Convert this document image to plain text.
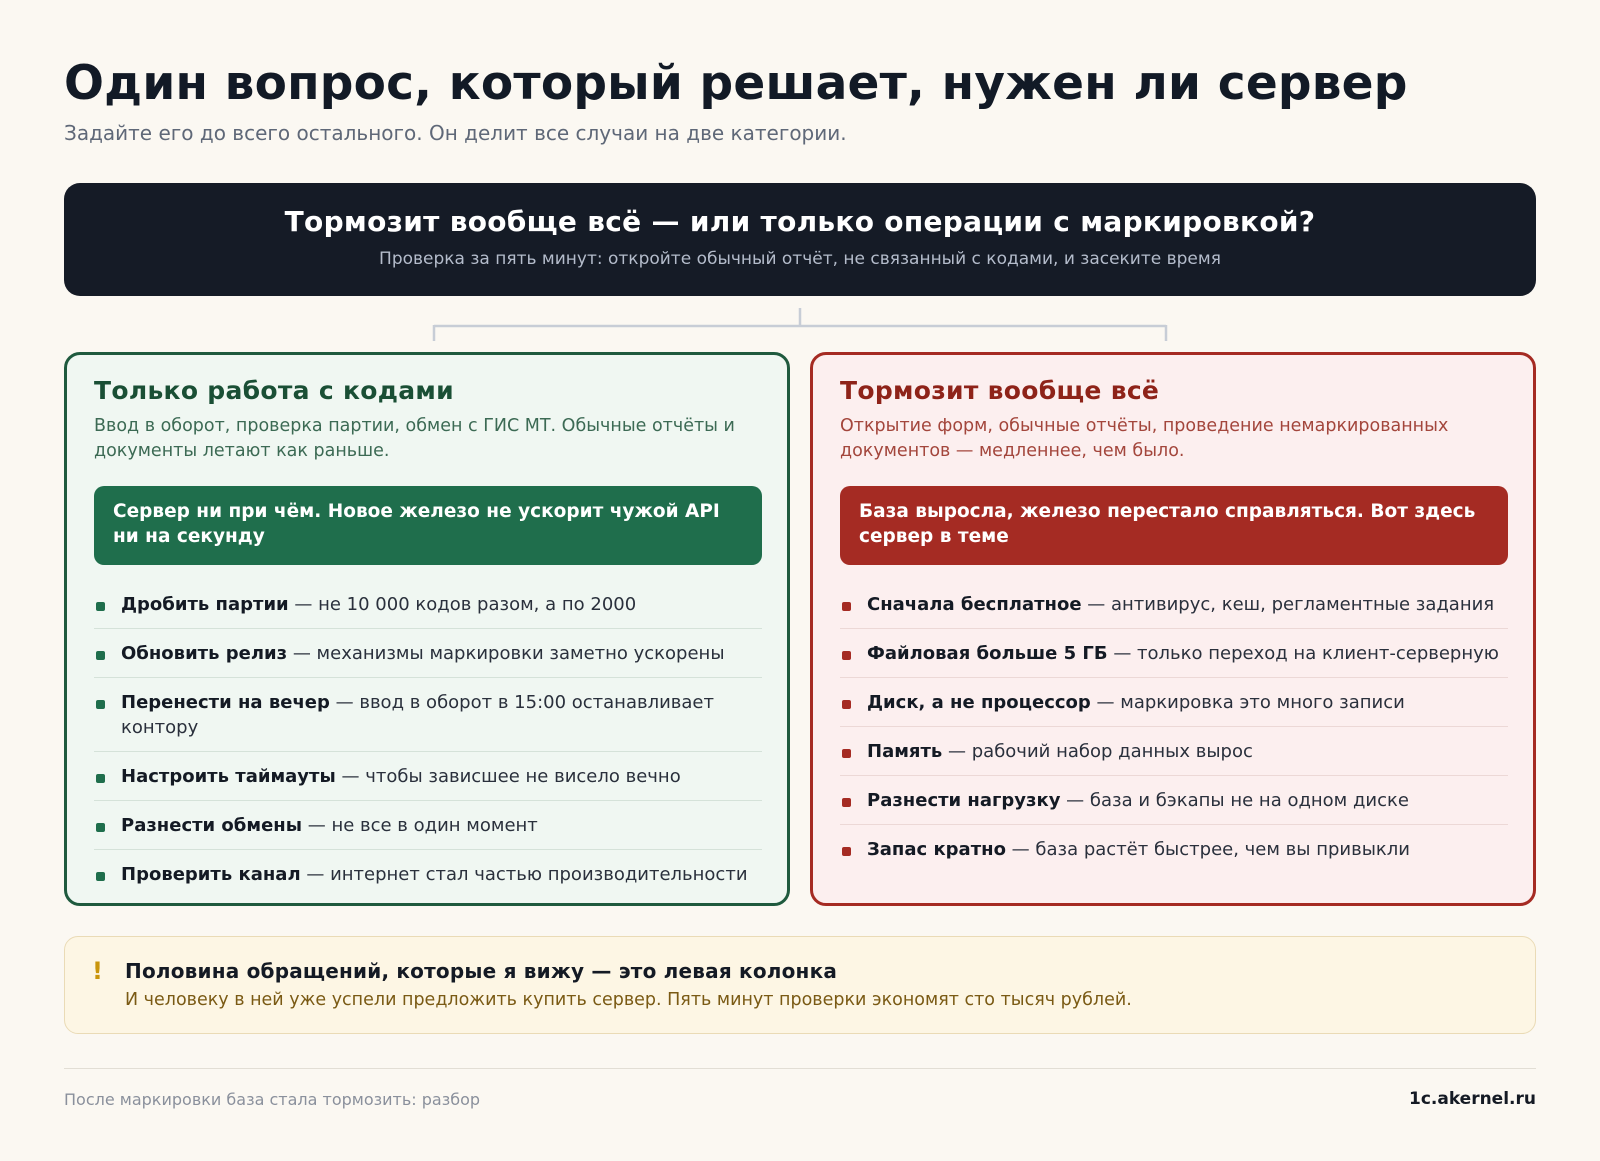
Один вопрос, который решает, нужен ли сервер
Задайте его до всего остального. Он делит все случаи на две категории.
Тормозит вообще всё — или только операции с маркировкой?
Проверка за пять минут: откройте обычный отчёт, не связанный с кодами, и засеките время
Только работа с кодами
Ввод в оборот, проверка партии, обмен с ГИС МТ. Обычные отчёты и документы летают как раньше.
Сервер ни при чём. Новое железо не ускорит чужой API ни на секунду
Дробить партии — не 10 000 кодов разом, а по 2000
Обновить релиз — механизмы маркировки заметно ускорены
Перенести на вечер — ввод в оборот в 15:00 останавливает контору
Настроить таймауты — чтобы зависшее не висело вечно
Разнести обмены — не все в один момент
Проверить канал — интернет стал частью производительности
Тормозит вообще всё
Открытие форм, обычные отчёты, проведение немаркированных документов — медленнее, чем было.
База выросла, железо перестало справляться. Вот здесь сервер в теме
Сначала бесплатное — антивирус, кеш, регламентные задания
Файловая больше 5 ГБ — только переход на клиент-серверную
Диск, а не процессор — маркировка это много записи
Память — рабочий набор данных вырос
Разнести нагрузку — база и бэкапы не на одном диске
Запас кратно — база растёт быстрее, чем вы привыкли
! Половина обращений, которые я вижу — это левая колонка
И человеку в ней уже успели предложить купить сервер. Пять минут проверки экономят сто тысяч рублей.
После маркировки база стала тормозить: разбор	1c.akernel.ru
